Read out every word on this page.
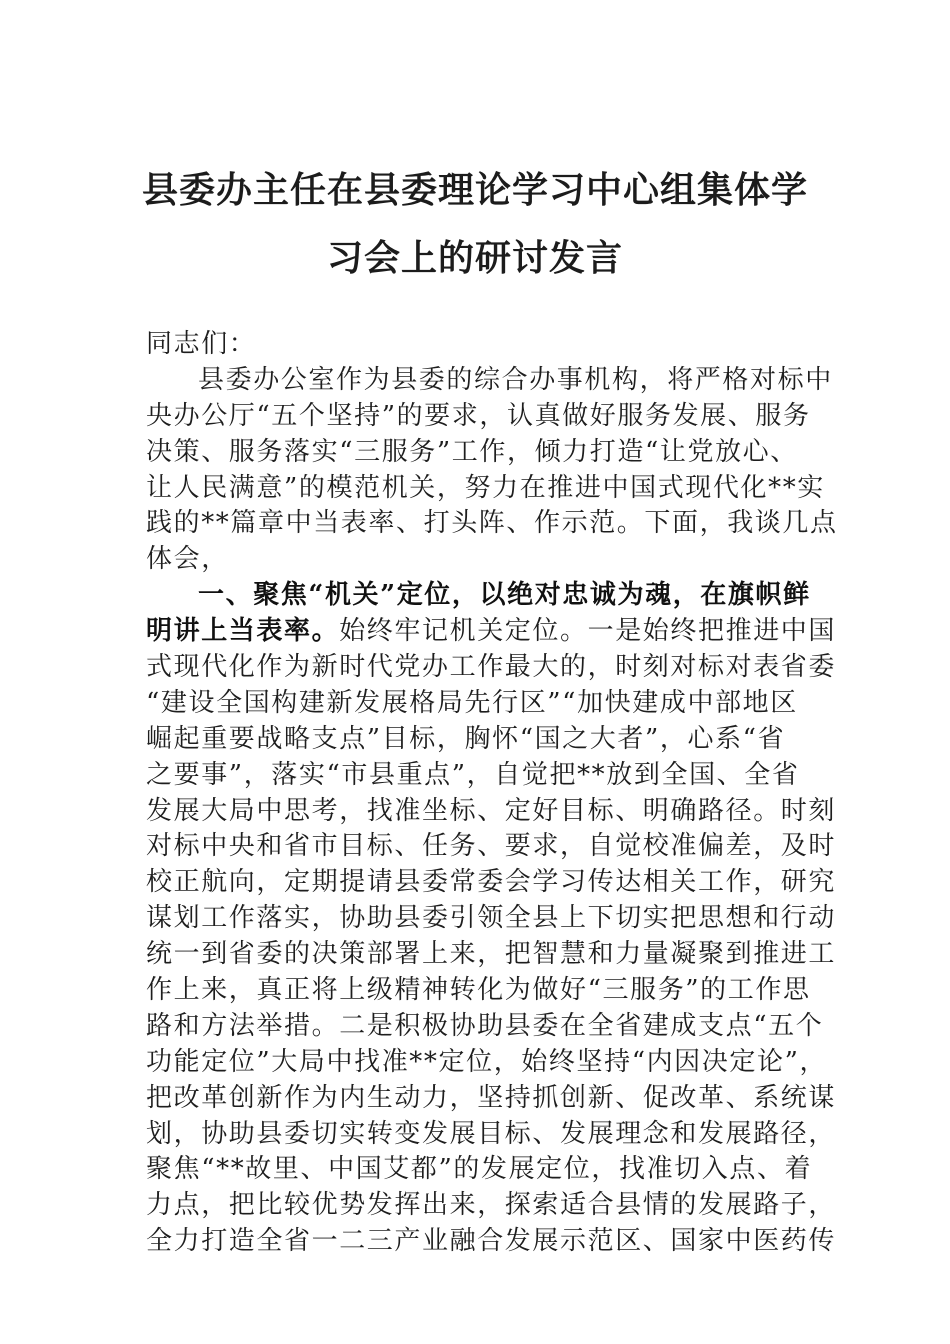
县委办主任在县委理论学习中心组集体学
习会上的研讨发言
同志们：
县委办公室作为县委的综合办事机构，将严格对标中
央办公厅“五个坚持”的要求，认真做好服务发展、服务
决策、服务落实“三服务”工作，倾力打造“让党放心、
让人民满意”的模范机关，努力在推进中国式现代化**实
践的**篇章中当表率、打头阵、作示范。下面，我谈几点
体会，
一、聚焦“机关”定位，以绝对忠诚为魂，在旗帜鲜
明讲上当表率。始终牢记机关定位。一是始终把推进中国
式现代化作为新时代党办工作最大的，时刻对标对表省委
“建设全国构建新发展格局先行区”“加快建成中部地区
崛起重要战略支点”目标，胸怀“国之大者”，心系“省
之要事”，落实“市县重点”，自觉把**放到全国、全省
发展大局中思考，找准坐标、定好目标、明确路径。时刻
对标中央和省市目标、任务、要求，自觉校准偏差，及时
校正航向，定期提请县委常委会学习传达相关工作，研究
谋划工作落实，协助县委引领全县上下切实把思想和行动
统一到省委的决策部署上来，把智慧和力量凝聚到推进工
作上来，真正将上级精神转化为做好“三服务”的工作思
路和方法举措。二是积极协助县委在全省建成支点“五个
功能定位”大局中找准**定位，始终坚持“内因决定论”，
把改革创新作为内生动力，坚持抓创新、促改革、系统谋
划，协助县委切实转变发展目标、发展理念和发展路径，
聚焦“**故里、中国艾都”的发展定位，找准切入点、着
力点，把比较优势发挥出来，探索适合县情的发展路子，
全力打造全省一二三产业融合发展示范区、国家中医药传
